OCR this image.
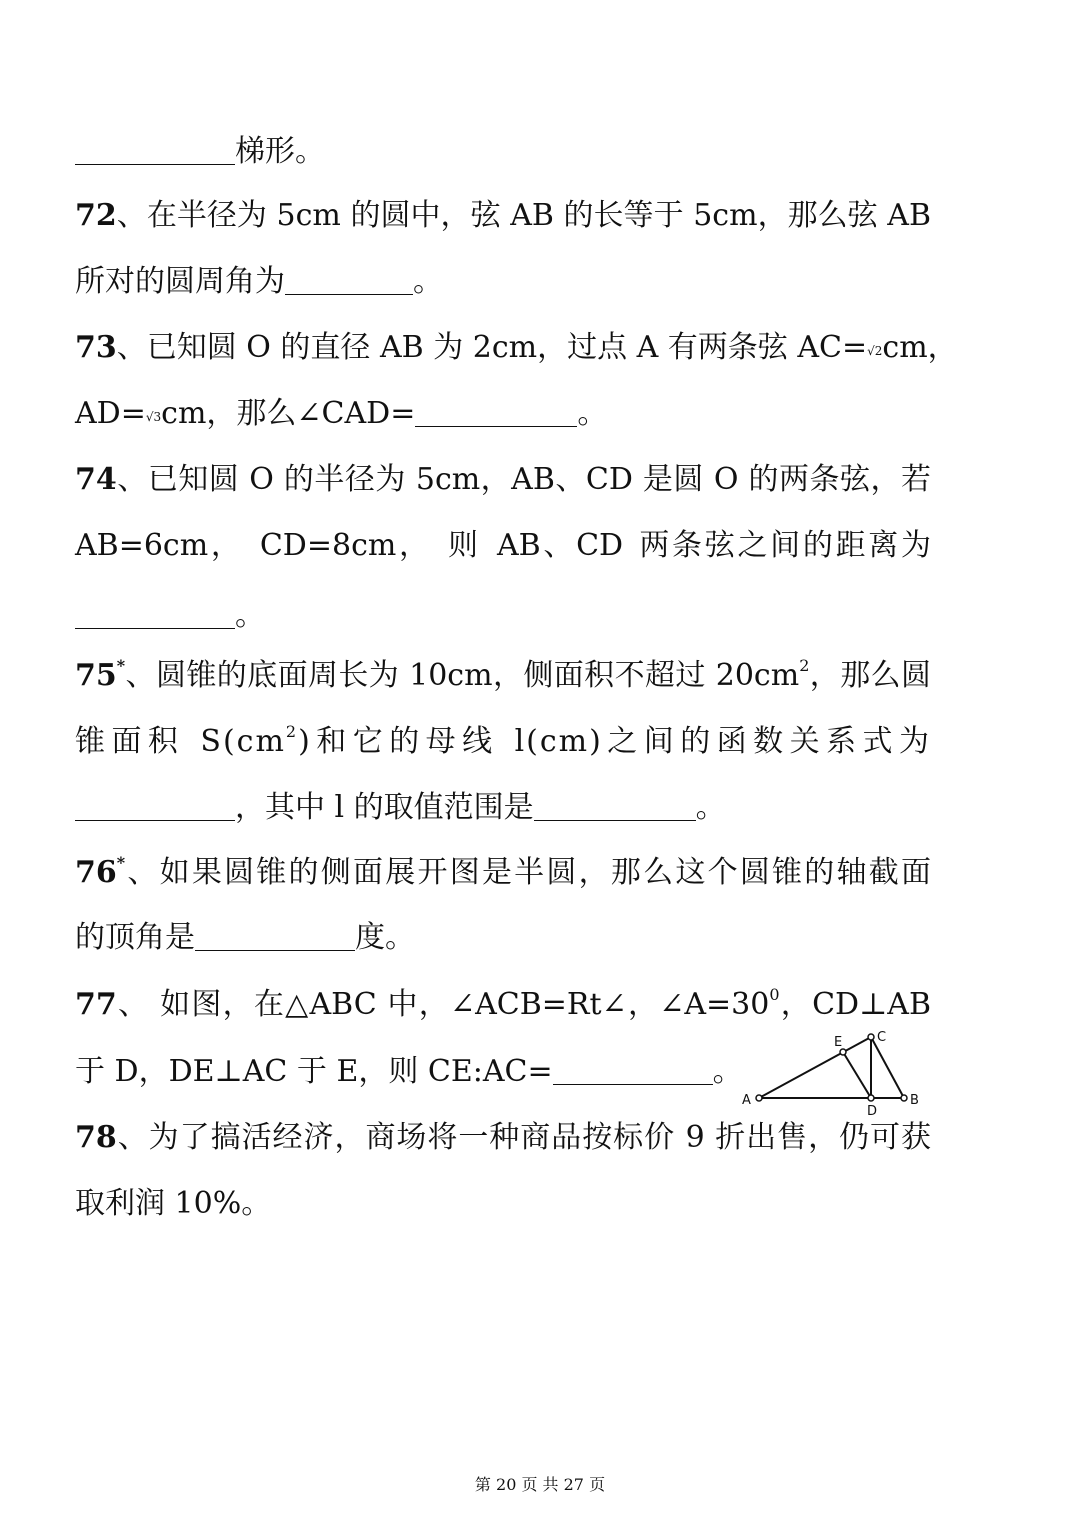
梯形。
72、在半径为 5cm 的圆中，弦 AB 的长等于 5cm，那么弦 AB
所对的圆周角为	。
73、已知圆 O 的直径 AB 为 2cm，过点 A 有两条弦 AC=√2cm，
AD=√3cm，那么∠CAD=	。
74、已知圆 O 的半径为 5cm，AB、CD 是圆 O 的两条弦，若
AB=6cm， CD=8cm， 则 AB、CD 两条弦之间的距离为
。
75*、圆锥的底面周长为 10cm，侧面积不超过 $20cm^2$，那么圆
锥面积 $S(cm^2)$和它的母线 l(cm)之间的函数关系式为
，其中 l 的取值范围是	。
76*、如果圆锥的侧面展开图是半圆，那么这个圆锥的轴截面
的顶角是	度。
77、 如图，在△ABC 中，∠ACB=Rt∠，$\angle A=30^0$，CD⊥AB
于 D，DE⊥AC 于 E，则 CE:AC=	。
A	B
C
D
E
78、为了搞活经济，商场将一种商品按标价 9 折出售，仍可获
取利润 10%。
第 20 页 共 27 页
